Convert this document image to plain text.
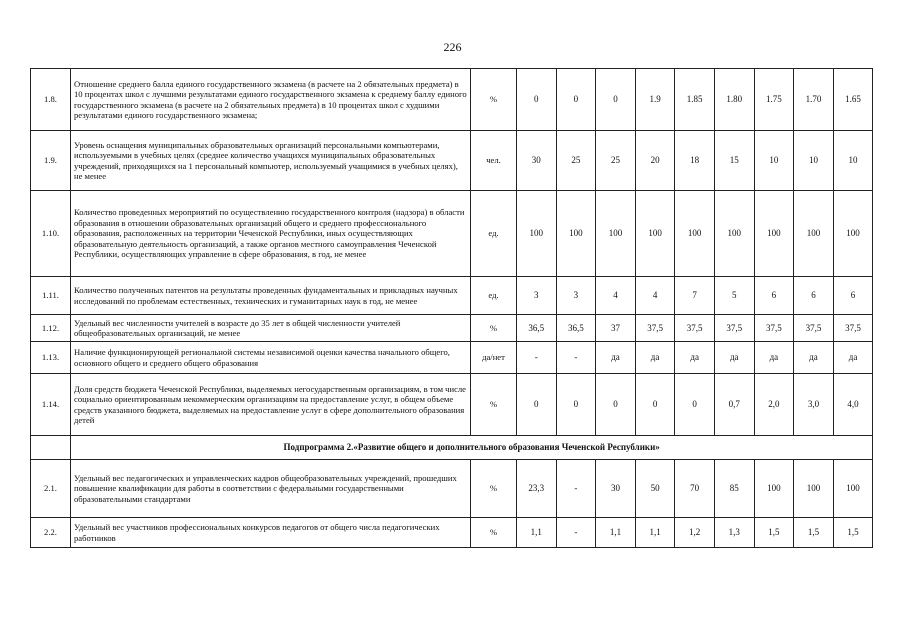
226
1.8.	Отношение среднего балла единого государственного экзамена (в расчете на 2 обязательных предмета) в 10 процентах школ с лучшими результатами единого государственного экзамена к среднему баллу единого государственного экзамена (в расчете на 2 обязательных предмета) в 10 процентах школ с худшими результатами единого государственного экзамена;	%	0	0	0	1.9	1.85	1.80	1.75	1.70	1.65
1.9.	Уровень оснащения муниципальных образовательных организаций персональными компьютерами, используемыми в учебных целях (среднее количество учащихся муниципальных образовательных учреждений, приходящихся на 1 персональный компьютер, используемый учащимися в учебных целях), не менее	чел.	30	25	25	20	18	15	10	10	10
1.10.	Количество проведенных мероприятий по осуществлению государственного контроля (надзора) в области образования в отношении образовательных организаций общего и среднего профессионального образования, расположенных на территории Чеченской Республики, иных осуществляющих образовательную деятельность организаций, а также органов местного самоуправления Чеченской Республики, осуществляющих управление в сфере образования, в год, не менее	ед.	100	100	100	100	100	100	100	100	100
1.11.	Количество полученных патентов на результаты проведенных фундаментальных и прикладных научных исследований по проблемам естественных, технических и гуманитарных наук в год, не менее	ед.	3	3	4	4	7	5	6	6	6
1.12.	Удельный вес численности учителей в возрасте до 35 лет в общей численности учителей общеобразовательных организаций, не менее	%	36,5	36,5	37	37,5	37,5	37,5	37,5	37,5	37,5
1.13.	Наличие функционирующей региональной системы независимой оценки качества начального общего, основного общего и среднего общего образования	да/нет	-	-	да	да	да	да	да	да	да
1.14.	Доля средств бюджета Чеченской Республики, выделяемых негосударственным организациям, в том числе социально ориентированным некоммерческим организациям на предоставление услуг, в общем объеме средств указанного бюджета, выделяемых на предоставление услуг в сфере дополнительного образования детей	%	0	0	0	0	0	0,7	2,0	3,0	4,0
	Подпрограмма 2.«Развитие общего и дополнительного образования Чеченской Республики»										
2.1.	Удельный вес педагогических и управленческих кадров общеобразовательных учреждений, прошедших повышение квалификации для работы в соответствии с федеральными государственными образовательными стандартами	%	23,3	-	30	50	70	85	100	100	100
2.2.	Удельный вес участников профессиональных конкурсов педагогов от общего числа педагогических работников	%	1,1	-	1,1	1,1	1,2	1,3	1,5	1,5	1,5
